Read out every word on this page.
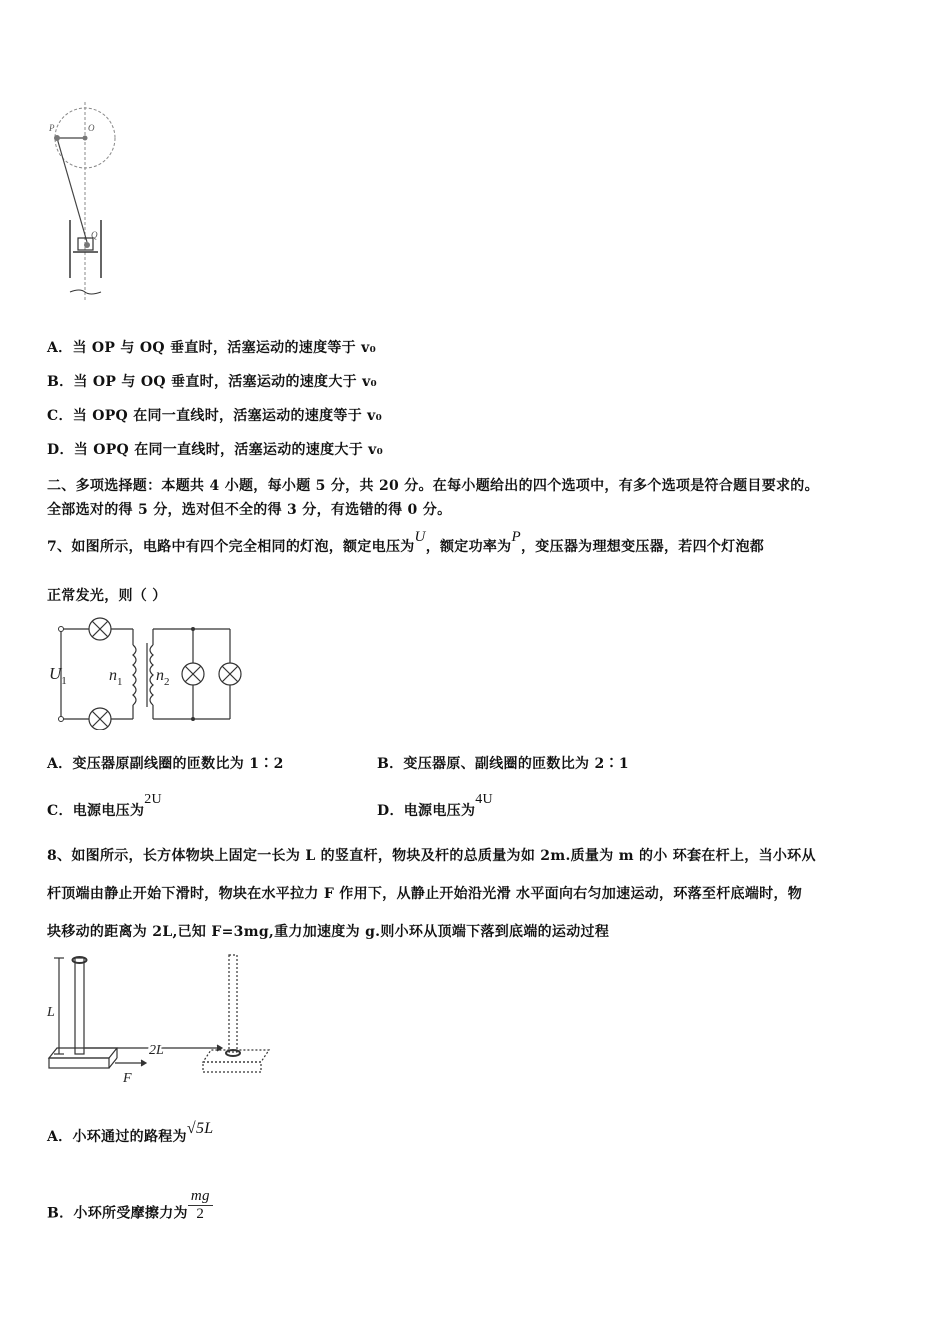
P	O
Q
A．当 OP 与 OQ 垂直时，活塞运动的速度等于 v₀
B．当 OP 与 OQ 垂直时，活塞运动的速度大于 v₀
C．当 OPQ 在同一直线时，活塞运动的速度等于 v₀
D．当 OPQ 在同一直线时，活塞运动的速度大于 v₀
二、多项选择题：本题共 4 小题，每小题 5 分，共 20 分。在每小题给出的四个选项中，有多个选项是符合题目要求的。
全部选对的得 5 分，选对但不全的得 3 分，有选错的得 0 分。
7、如图所示，电路中有四个完全相同的灯泡，额定电压为U，额定功率为P，变压器为理想变压器，若四个灯泡都
正常发光，则（ ）
$U_1$	$n_1$ $n_2$
A．变压器原副线圈的匝数比为 1∶2	B．变压器原、副线圈的匝数比为 2∶1
C．电源电压为2U
D．电源电压为4U
8、如图所示，长方体物块上固定一长为 L 的竖直杆，物块及杆的总质量为如 2m.质量为 m 的小 环套在杆上，当小环从
杆顶端由静止开始下滑时，物块在水平拉力 F 作用下，从静止开始沿光滑 水平面向右匀加速运动，环落至杆底端时，物
块移动的距离为 2L,已知 F=3mg,重力加速度为 g.则小环从顶端下落到底端的运动过程
L
2L
F
A．小环通过的路程为√5L
B．小环所受摩擦力为 $\frac{mg}{2}$
